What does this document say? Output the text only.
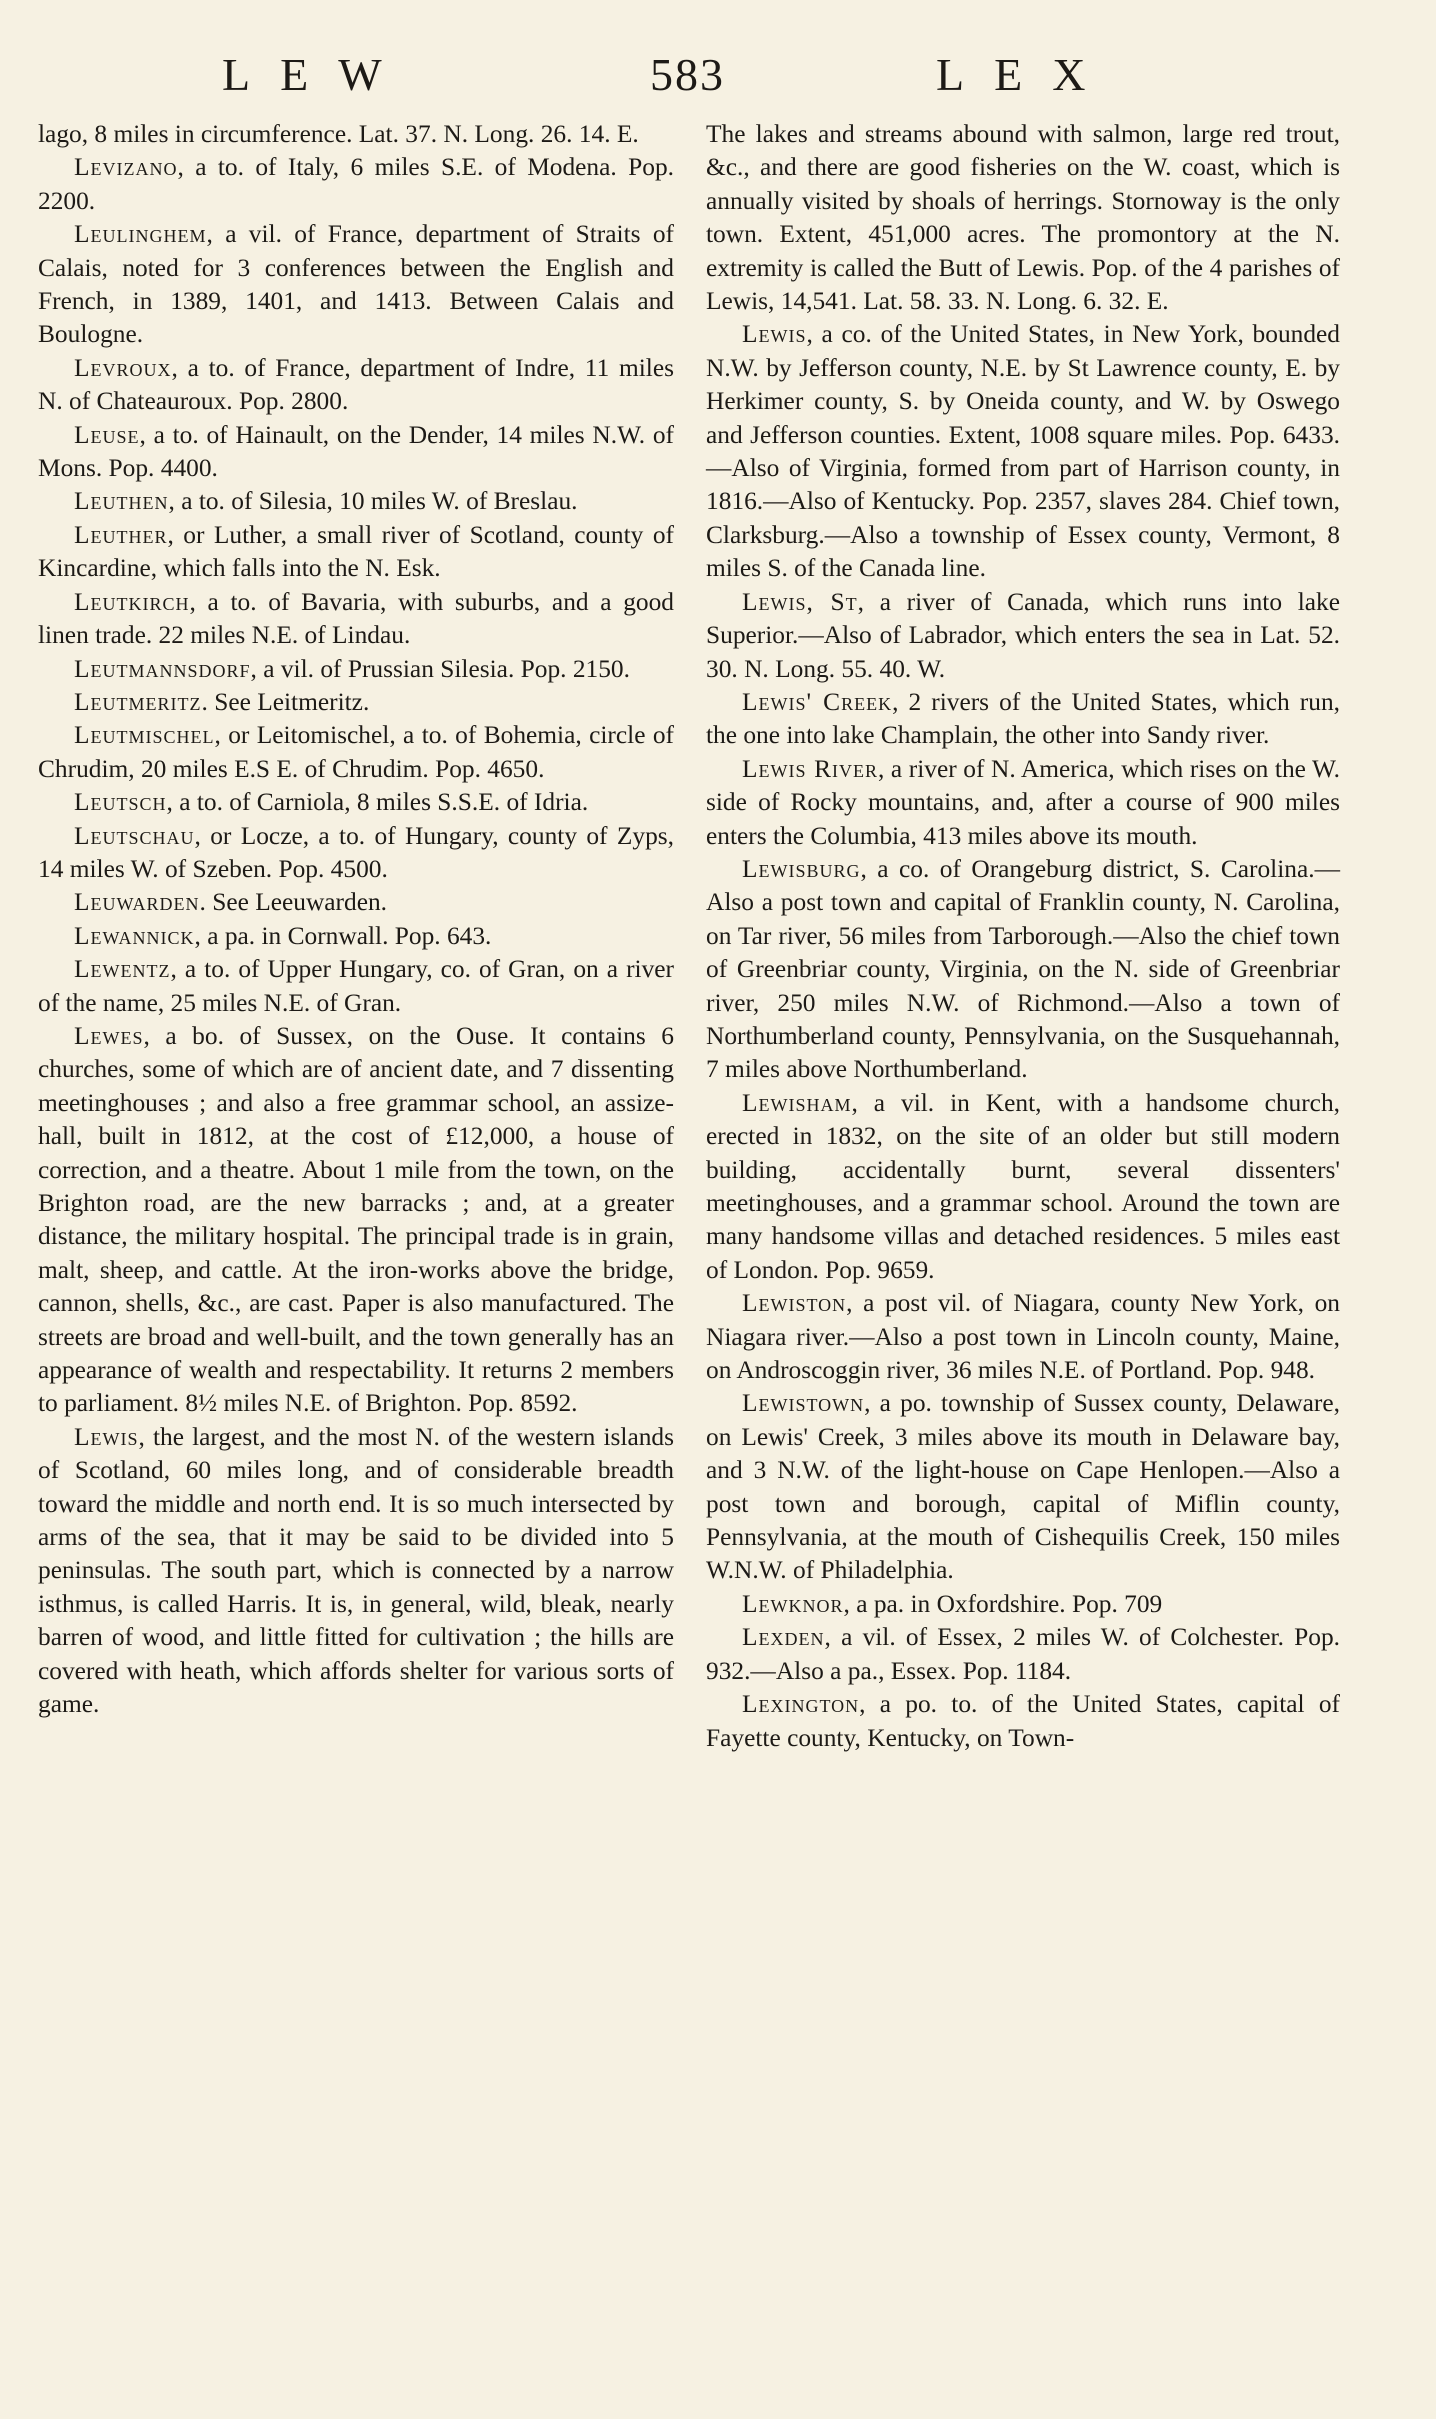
LEW	583	LEX

lago, 8 miles in circumference. Lat. 37. N. Long. 26. 14. E.

Levizano, a to. of Italy, 6 miles S.E. of Modena. Pop. 2200.

Leulinghem, a vil. of France, department of Straits of Calais, noted for 3 conferences between the English and French, in 1389, 1401, and 1413. Between Calais and Boulogne.

Levroux, a to. of France, department of Indre, 11 miles N. of Chateauroux. Pop. 2800.

Leuse, a to. of Hainault, on the Dender, 14 miles N.W. of Mons. Pop. 4400.

Leuthen, a to. of Silesia, 10 miles W. of Breslau.

Leuther, or Luther, a small river of Scotland, county of Kincardine, which falls into the N. Esk.

Leutkirch, a to. of Bavaria, with suburbs, and a good linen trade. 22 miles N.E. of Lindau.

Leutmannsdorf, a vil. of Prussian Silesia. Pop. 2150.

Leutmeritz. See Leitmeritz.

Leutmischel, or Leitomischel, a to. of Bohemia, circle of Chrudim, 20 miles E.S E. of Chrudim. Pop. 4650.

Leutsch, a to. of Carniola, 8 miles S.S.E. of Idria.

Leutschau, or Locze, a to. of Hungary, county of Zyps, 14 miles W. of Szeben. Pop. 4500.

Leuwarden. See Leeuwarden.

Lewannick, a pa. in Cornwall. Pop. 643.

Lewentz, a to. of Upper Hungary, co. of Gran, on a river of the name, 25 miles N.E. of Gran.

Lewes, a bo. of Sussex, on the Ouse. It contains 6 churches, some of which are of ancient date, and 7 dissenting meetinghouses ; and also a free grammar school, an assize-hall, built in 1812, at the cost of £12,000, a house of correction, and a theatre. About 1 mile from the town, on the Brighton road, are the new barracks ; and, at a greater distance, the military hospital. The principal trade is in grain, malt, sheep, and cattle. At the iron-works above the bridge, cannon, shells, &c., are cast. Paper is also manufactured. The streets are broad and well-built, and the town generally has an appearance of wealth and respectability. It returns 2 members to parliament. 8½ miles N.E. of Brighton. Pop. 8592.

Lewis, the largest, and the most N. of the western islands of Scotland, 60 miles long, and of considerable breadth toward the middle and north end. It is so much intersected by arms of the sea, that it may be said to be divided into 5 peninsulas. The south part, which is connected by a narrow isthmus, is called Harris. It is, in general, wild, bleak, nearly barren of wood, and little fitted for cultivation ; the hills are covered with heath, which affords shelter for various sorts of game.

The lakes and streams abound with salmon, large red trout, &c., and there are good fisheries on the W. coast, which is annually visited by shoals of herrings. Stornoway is the only town. Extent, 451,000 acres. The promontory at the N. extremity is called the Butt of Lewis. Pop. of the 4 parishes of Lewis, 14,541. Lat. 58. 33. N. Long. 6. 32. E.

Lewis, a co. of the United States, in New York, bounded N.W. by Jefferson county, N.E. by St Lawrence county, E. by Herkimer county, S. by Oneida county, and W. by Oswego and Jefferson counties. Extent, 1008 square miles. Pop. 6433.—Also of Virginia, formed from part of Harrison county, in 1816.—Also of Kentucky. Pop. 2357, slaves 284. Chief town, Clarksburg.—Also a township of Essex county, Vermont, 8 miles S. of the Canada line.

Lewis, St, a river of Canada, which runs into lake Superior.—Also of Labrador, which enters the sea in Lat. 52. 30. N. Long. 55. 40. W.

Lewis' Creek, 2 rivers of the United States, which run, the one into lake Champlain, the other into Sandy river.

Lewis River, a river of N. America, which rises on the W. side of Rocky mountains, and, after a course of 900 miles enters the Columbia, 413 miles above its mouth.

Lewisburg, a co. of Orangeburg district, S. Carolina.—Also a post town and capital of Franklin county, N. Carolina, on Tar river, 56 miles from Tarborough.—Also the chief town of Greenbriar county, Virginia, on the N. side of Greenbriar river, 250 miles N.W. of Richmond.—Also a town of Northumberland county, Pennsylvania, on the Susquehannah, 7 miles above Northumberland.

Lewisham, a vil. in Kent, with a handsome church, erected in 1832, on the site of an older but still modern building, accidentally burnt, several dissenters' meetinghouses, and a grammar school. Around the town are many handsome villas and detached residences. 5 miles east of London. Pop. 9659.

Lewiston, a post vil. of Niagara, county New York, on Niagara river.—Also a post town in Lincoln county, Maine, on Androscoggin river, 36 miles N.E. of Portland. Pop. 948.

Lewistown, a po. township of Sussex county, Delaware, on Lewis' Creek, 3 miles above its mouth in Delaware bay, and 3 N.W. of the light-house on Cape Henlopen.—Also a post town and borough, capital of Miflin county, Pennsylvania, at the mouth of Cishequilis Creek, 150 miles W.N.W. of Philadelphia.

Lewknor, a pa. in Oxfordshire. Pop. 709

Lexden, a vil. of Essex, 2 miles W. of Colchester. Pop. 932.—Also a pa., Essex. Pop. 1184.

Lexington, a po. to. of the United States, capital of Fayette county, Kentucky, on Town-
